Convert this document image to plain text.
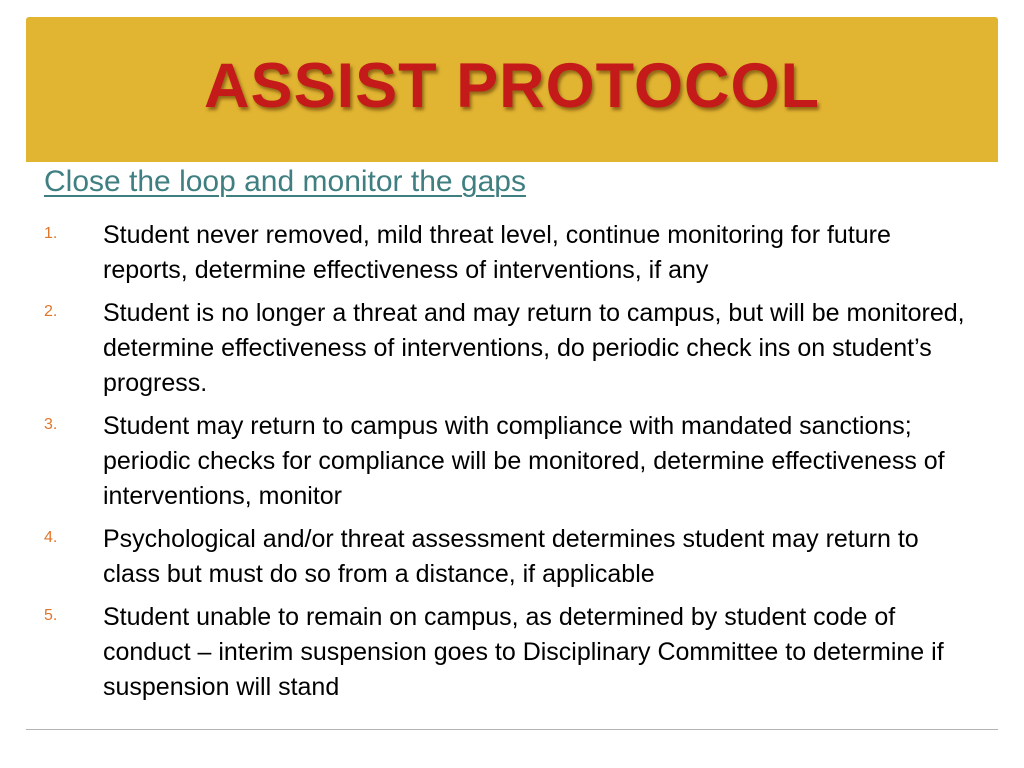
ASSIST PROTOCOL
Close the loop and monitor the gaps
1.	Student never removed, mild threat level, continue monitoring for future reports, determine effectiveness of interventions, if any
2.	Student is no longer a threat and may return to campus, but will be monitored, determine effectiveness of interventions, do periodic check ins on student’s progress.
3.	Student may return to campus with compliance with mandated sanctions; periodic checks for compliance will be monitored, determine effectiveness of interventions, monitor
4.	Psychological and/or threat assessment determines student may return to class but must do so from a distance, if applicable
5.	Student unable to remain on campus, as determined by student code of conduct – interim suspension goes to Disciplinary Committee to determine if suspension will stand
